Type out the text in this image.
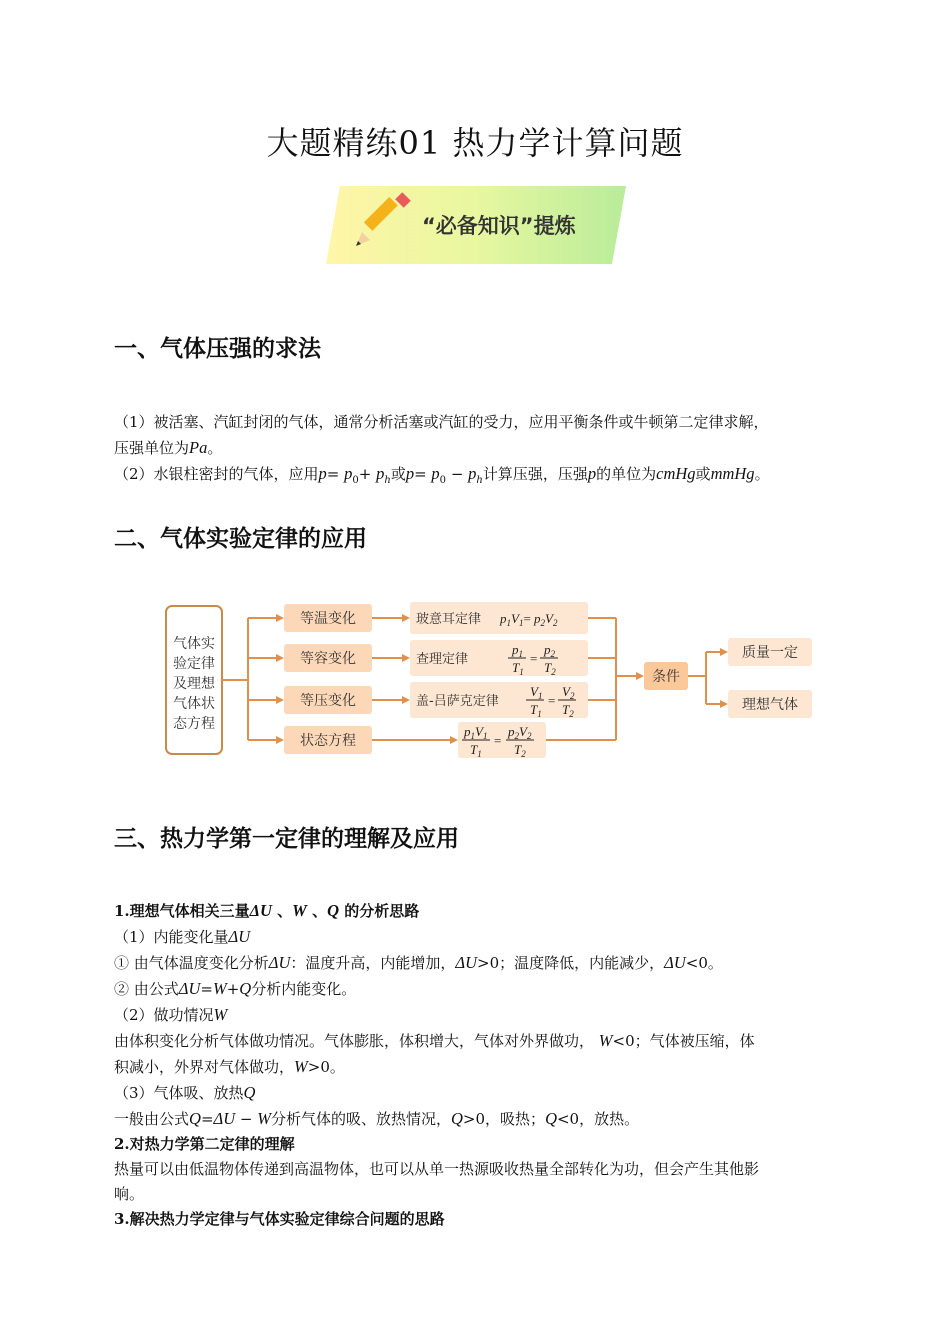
大题精练01 热力学计算问题
“必备知识”提炼
一、气体压强的求法
（1）被活塞、汽缸封闭的气体，通常分析活塞或汽缸的受力，应用平衡条件或牛顿第二定律求解，
压强单位为Pa。
（2）水银柱密封的气体，应用$p= p_0+ p_h$或$p= p_0 - p_h$计算压强，压强p的单位为cmHg或mmHg。
二、气体实验定律的应用
气体实
验定律
及理想
气体状
态方程
等温变化
等容变化
等压变化
状态方程
玻意耳定律
查理定律
盖-吕萨克定律
$p_1V_1= p_2V_2$
$p_1$
$T_1$
=
$p_2$
$T_2$
$V_1$
$T_1$
=
$V_2$
$T_2$
$p_1V_1$
$T_1$
=
$p_2V_2$
$T_2$
条件
质量一定
理想气体
三、热力学第一定律的理解及应用
1.理想气体相关三量ΔU 、W 、Q 的分析思路
（1）内能变化量ΔU
① 由气体温度变化分析ΔU：温度升高，内能增加，ΔU>0；温度降低，内能减少，ΔU<0。
② 由公式ΔU=W+Q分析内能变化。
（2）做功情况W
由体积变化分析气体做功情况。气体膨胀，体积增大，气体对外界做功， W<0；气体被压缩，体
积减小，外界对气体做功，W>0。
（3）气体吸、放热Q
一般由公式Q=ΔU − W分析气体的吸、放热情况，Q>0，吸热；Q<0，放热。
2.对热力学第二定律的理解
热量可以由低温物体传递到高温物体，也可以从单一热源吸收热量全部转化为功，但会产生其他影
响。
3.解决热力学定律与气体实验定律综合问题的思路
